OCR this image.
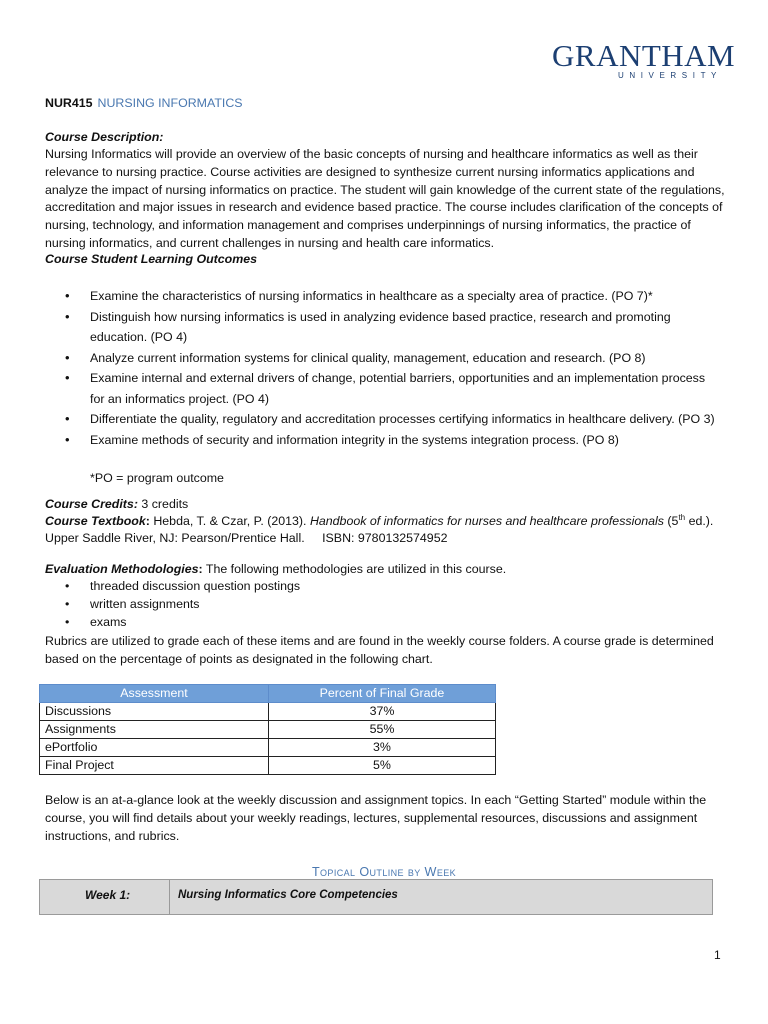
GRANTHAM
UNIVERSITY
NUR415 NURSING INFORMATICS
Course Description:
Nursing Informatics will provide an overview of the basic concepts of nursing and healthcare informatics as well as their relevance to nursing practice. Course activities are designed to synthesize current nursing informatics applications and analyze the impact of nursing informatics on practice. The student will gain knowledge of the current state of the regulations, accreditation and major issues in research and evidence based practice. The course includes clarification of the concepts of nursing, technology, and information management and comprises underpinnings of nursing informatics, the practice of nursing informatics, and current challenges in nursing and health care informatics.
Course Student Learning Outcomes
• Examine the characteristics of nursing informatics in healthcare as a specialty area of practice. (PO 7)*
• Distinguish how nursing informatics is used in analyzing evidence based practice, research and promoting education. (PO 4)
• Analyze current information systems for clinical quality, management, education and research. (PO 8)
• Examine internal and external drivers of change, potential barriers, opportunities and an implementation process for an informatics project. (PO 4)
• Differentiate the quality, regulatory and accreditation processes certifying informatics in healthcare delivery. (PO 3)
• Examine methods of security and information integrity in the systems integration process. (PO 8)
*PO = program outcome
Course Credits: 3 credits
Course Textbook: Hebda, T. & Czar, P. (2013). Handbook of informatics for nurses and healthcare professionals (5th ed.).
Upper Saddle River, NJ: Pearson/Prentice Hall. ISBN: 9780132574952
Evaluation Methodologies: The following methodologies are utilized in this course.
• threaded discussion question postings
• written assignments
• exams
Rubrics are utilized to grade each of these items and are found in the weekly course folders. A course grade is determined based on the percentage of points as designated in the following chart.
Assessment	Percent of Final Grade
Discussions	37%
Assignments	55%
ePortfolio	3%
Final Project	5%
Below is an at-a-glance look at the weekly discussion and assignment topics. In each “Getting Started” module within the course, you will find details about your weekly readings, lectures, supplemental resources, discussions and assignment instructions, and rubrics.
Topical Outline by Week
Week 1:	Nursing Informatics Core Competencies
1
